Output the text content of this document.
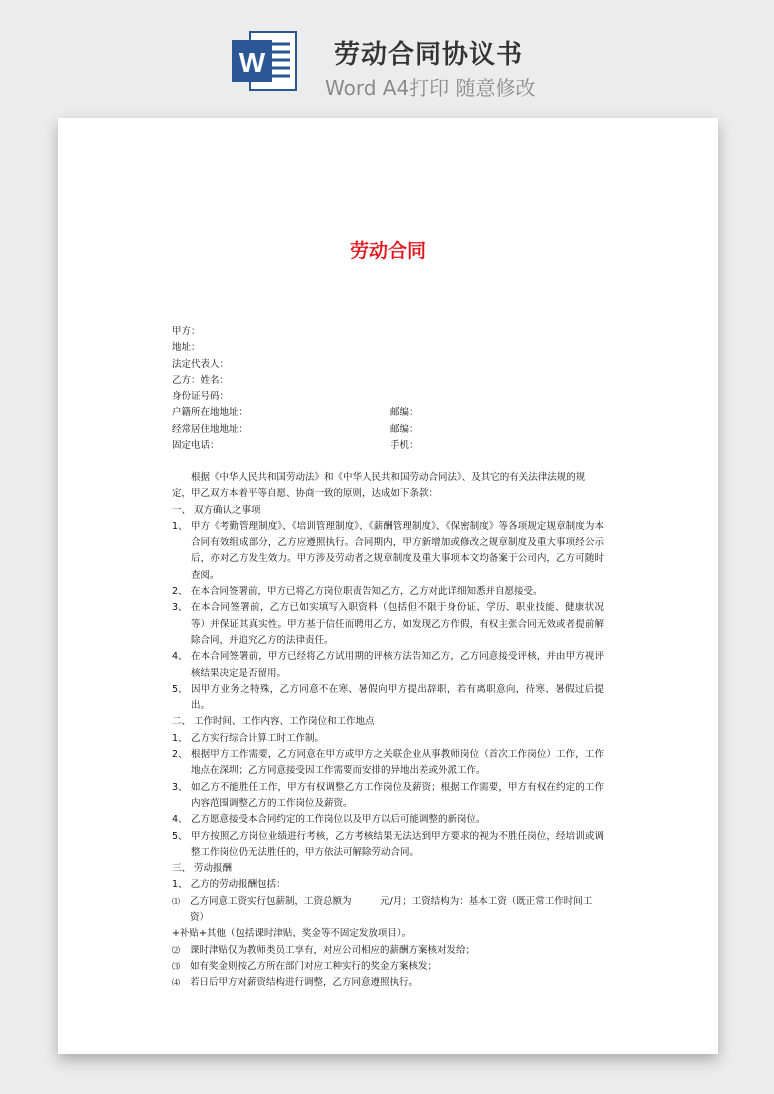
W	劳动合同协议书
Word A4打印 随意修改
劳动合同
甲方：
地址：
法定代表人：
乙方：姓名：
身份证号码：
户籍所在地地址：	邮编：
经常居住地地址：	邮编：
固定电话：	手机：

根据《中华人民共和国劳动法》和《中华人民共和国劳动合同法》、及其它的有关法律法规的规定，甲乙双方本着平等自愿、协商一致的原则，达成如下条款：

一、 双方确认之事项

1、 甲方《考勤管理制度》、《培训管理制度》、《薪酬管理制度》、《保密制度》等各项规定规章制度为本合同有效组成部分，乙方应遵照执行。合同期内，甲方新增加或修改之规章制度及重大事项经公示后，亦对乙方发生效力。甲方涉及劳动者之规章制度及重大事项本文均备案于公司内，乙方可随时查阅。
2、 在本合同签署前，甲方已将乙方岗位职责告知乙方，乙方对此详细知悉并自愿接受。
3、 在本合同签署前，乙方已如实填写入职资料（包括但不限于身份证、学历、职业技能、健康状况等）并保证其真实性。甲方基于信任而聘用乙方，如发现乙方作假，有权主张合同无效或者提前解除合同，并追究乙方的法律责任。
4、 在本合同签署前，甲方已经将乙方试用期的评核方法告知乙方，乙方同意接受评核，并由甲方视评核结果决定是否留用。
5、 因甲方业务之特殊，乙方同意不在寒、暑假向甲方提出辞职，若有离职意向，待寒、暑假过后提出。

二、 工作时间、工作内容、工作岗位和工作地点

1、 乙方实行综合计算工时工作制。
2、 根据甲方工作需要，乙方同意在甲方或甲方之关联企业从事教师岗位（首次工作岗位）工作，工作地点在深圳；乙方同意接受因工作需要而安排的异地出差或外派工作。
3、 如乙方不能胜任工作，甲方有权调整乙方工作岗位及薪资；根据工作需要，甲方有权在约定的工作内容范围调整乙方的工作岗位及薪资。
4、 乙方愿意接受本合同约定的工作岗位以及甲方以后可能调整的新岗位。
5、 甲方按照乙方岗位业绩进行考核，乙方考核结果无法达到甲方要求的视为不胜任岗位，经培训或调整工作岗位仍无法胜任的，甲方依法可解除劳动合同。

三、 劳动报酬

1、 乙方的劳动报酬包括：

⑴	乙方同意工资实行包薪制，工资总额为　　　元/月；工资结构为：基本工资（既正常工作时间工资）
+补贴+其他（包括课时津贴、奖金等不固定发放项目）。
⑵	课时津贴仅为教师类员工享有，对应公司相应的薪酬方案核对发给；
⑶	如有奖金则按乙方所在部门对应工种实行的奖金方案核发；
⑷	若日后甲方对薪资结构进行调整，乙方同意遵照执行。
